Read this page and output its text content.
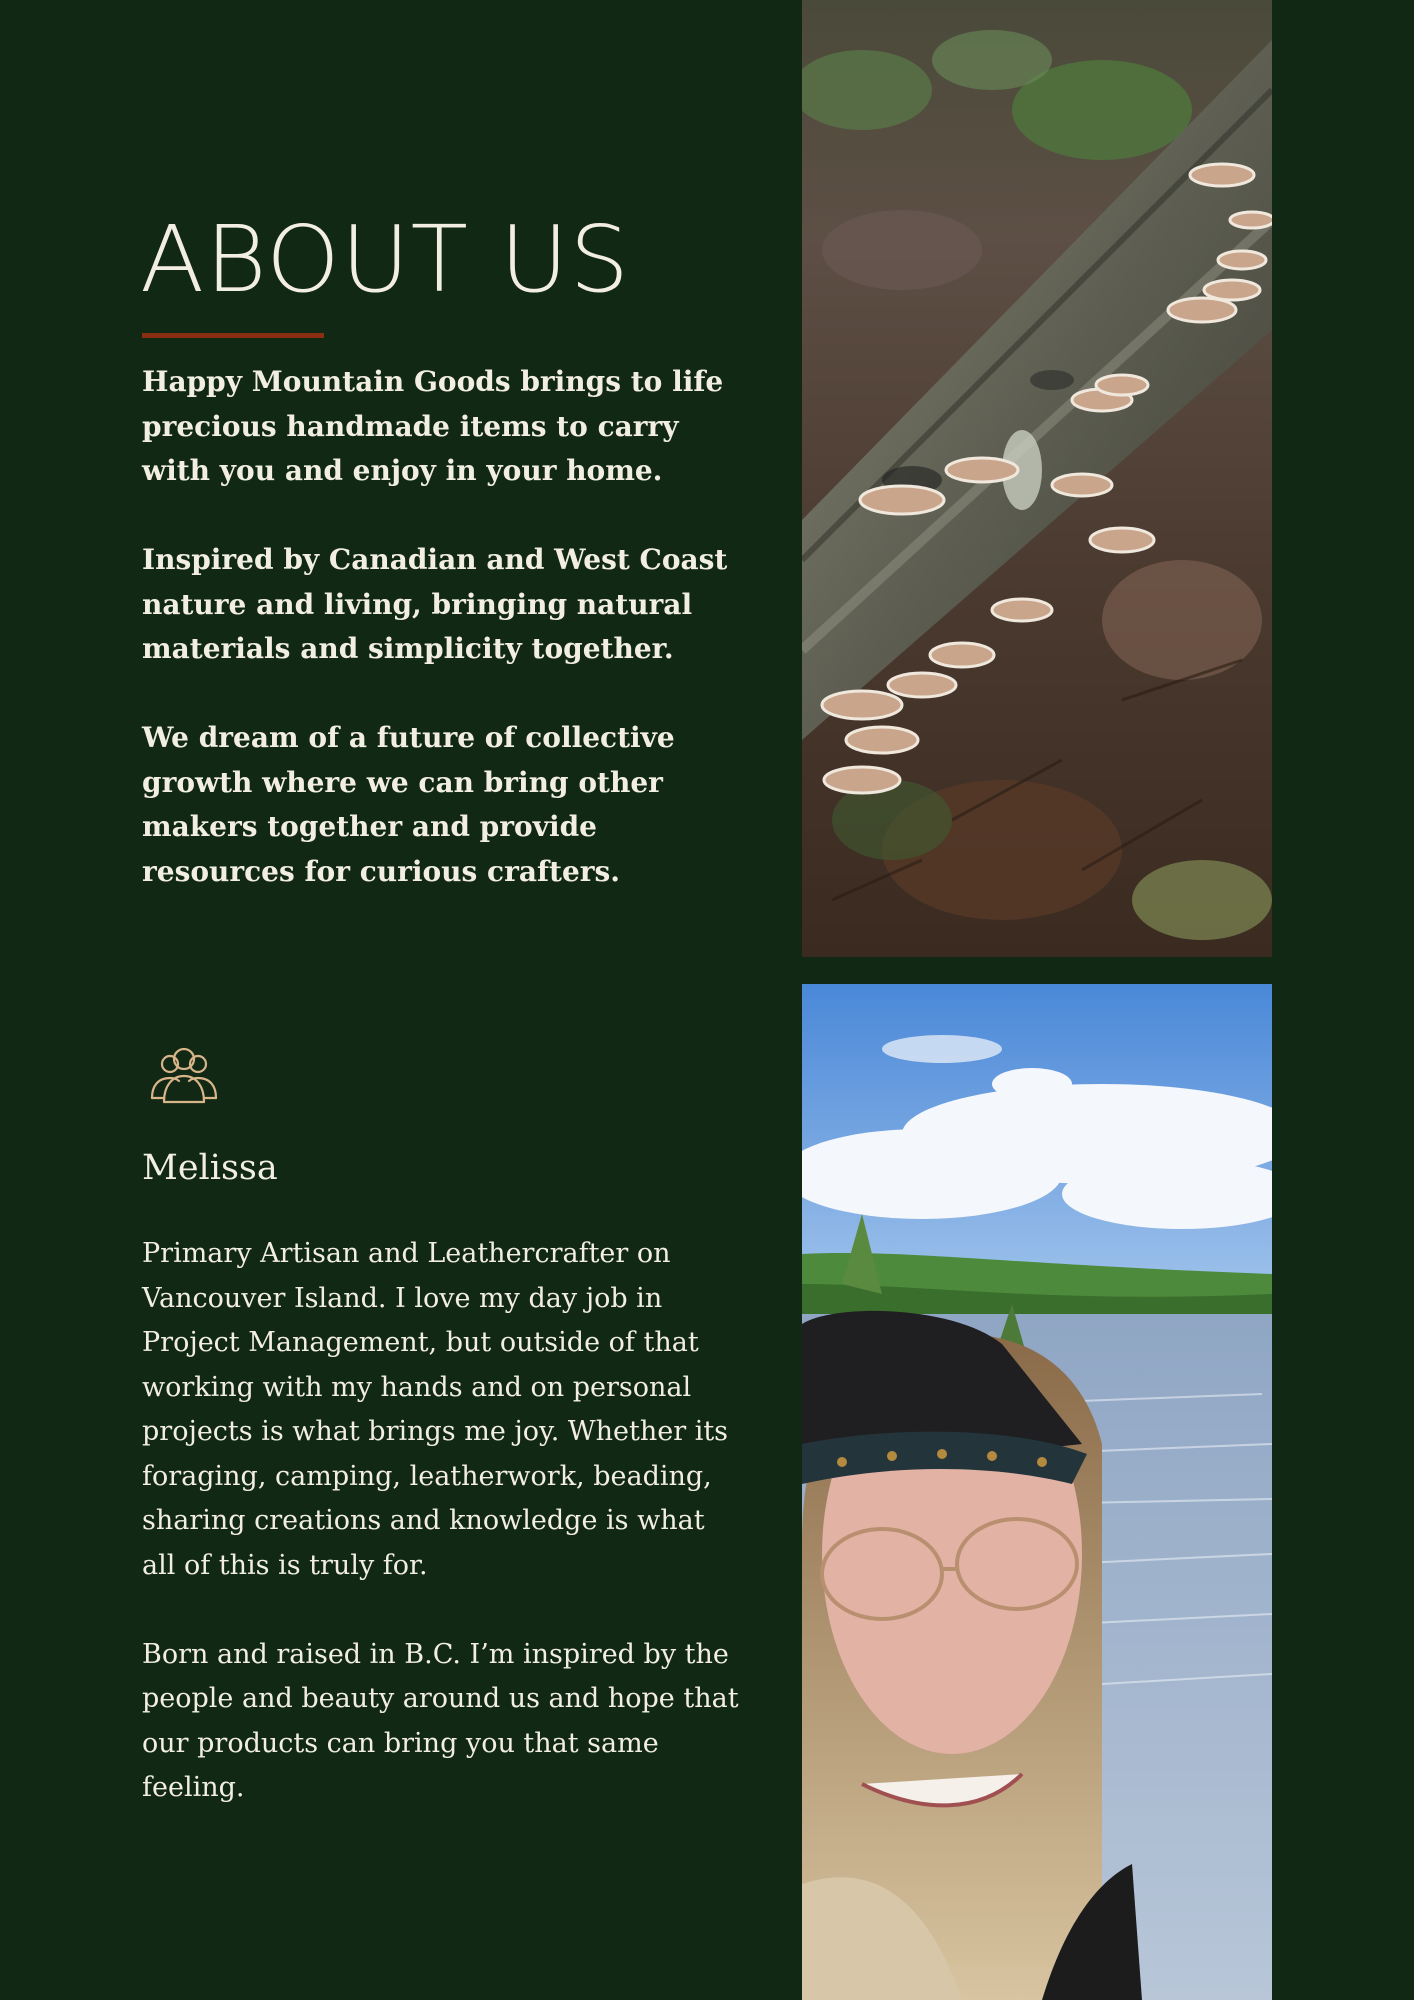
ABOUT US

Happy Mountain Goods brings to life precious handmade items to carry with you and enjoy in your home.

Inspired by Canadian and West Coast nature and living, bringing natural materials and simplicity together.

We dream of a future of collective growth where we can bring other makers together and provide resources for curious crafters.

Melissa

Primary Artisan and Leathercrafter on Vancouver Island. I love my day job in Project Management, but outside of that working with my hands and on personal projects is what brings me joy. Whether its foraging, camping, leatherwork, beading, sharing creations and knowledge is what all of this is truly for.

Born and raised in B.C. I’m inspired by the people and beauty around us and hope that our products can bring you that same feeling.
